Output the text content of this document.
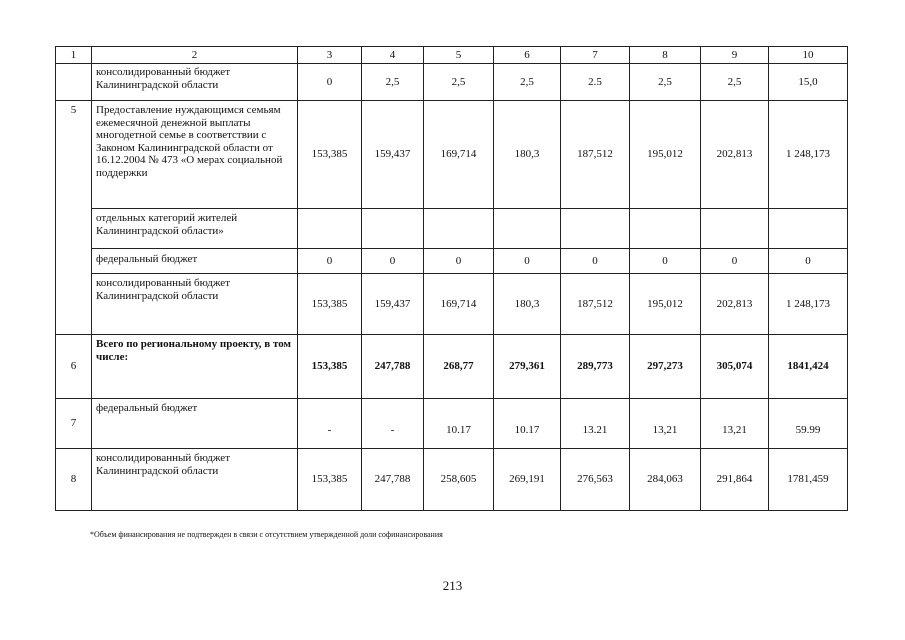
1	2	3	4	5	6	7	8	9	10
	консолидированный бюджет Калининградской области	0	2,5	2,5	2,5	2.5	2,5	2,5	15,0
5	Предоставление нуждающимся семьям ежемесячной денежной выплаты многодетной семье в соответствии с Законом Калининградской области от 16.12.2004 № 473 «О мерах социальной поддержки	153,385	159,437	169,714	180,3	187,512	195,012	202,813	1 248,173
	отдельных категорий жителей Калининградской области»								
	федеральный бюджет	0	0	0	0	0	0	0	0
	консолидированный бюджет Калининградской области	153,385	159,437	169,714	180,3	187,512	195,012	202,813	1 248,173
6	Всего по региональному проекту, в том числе:	153,385	247,788	268,77	279,361	289,773	297,273	305,074	1841,424
7	федеральный бюджет	-	-	10.17	10.17	13.21	13,21	13,21	59.99
8	консолидированный бюджет Калининградской области	153,385	247,788	258,605	269,191	276,563	284,063	291,864	1781,459
*Объем финансирования не подтвержден в связи с отсутствием утвержденной доли софинансирования
213
